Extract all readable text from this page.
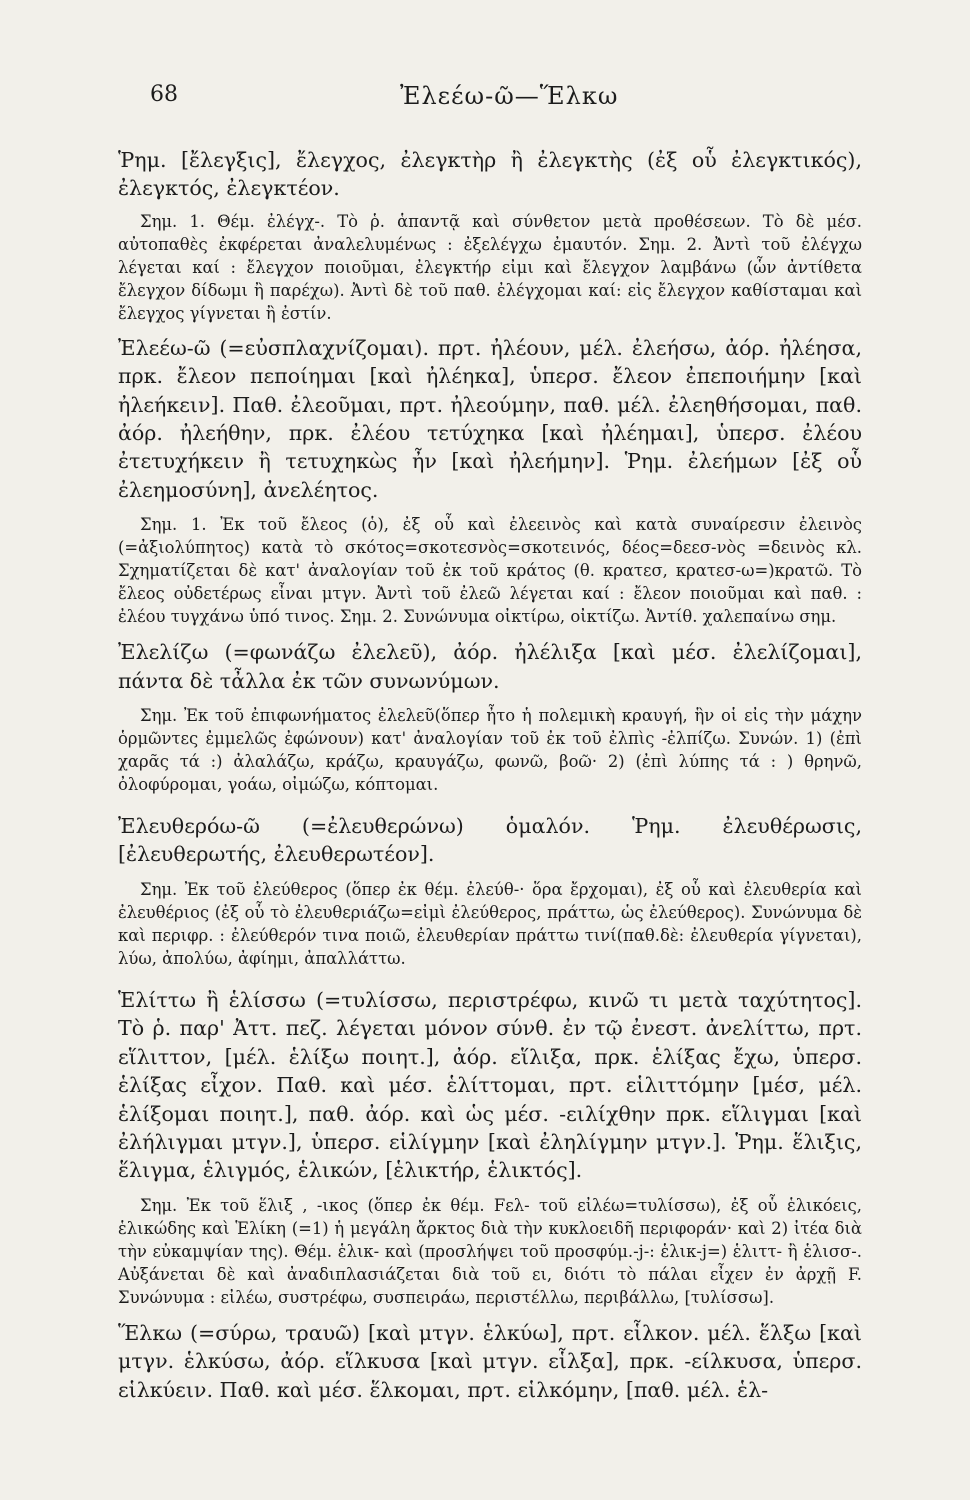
68	Ἐλεέω-ῶ—Ἕλκω

Ῥημ. [ἔλεγξις], ἔλεγχος, ἐλεγκτὴρ ἢ ἐλεγκτὴς (ἐξ οὗ ἐλεγκτικός), ἐλεγκτός, ἐλεγκτέον.

Σημ. 1. Θέμ. ἐλέγχ-. Τὸ ῥ. ἁπαντᾷ καὶ σύνθετον μετὰ προθέσεων. Τὸ δὲ μέσ. αὐτοπαθὲς ἐκφέρεται ἀναλελυμένως : ἐξελέγχω ἐμαυτόν. Σημ. 2. Ἀντὶ τοῦ ἐλέγχω λέγεται καί : ἔλεγχον ποιοῦμαι, ἐλεγκτήρ εἰμι καὶ ἔλεγχον λαμβάνω (ὧν ἀντίθετα ἔλεγχον δίδωμι ἢ παρέχω). Ἀντὶ δὲ τοῦ παθ. ἐλέγχομαι καί: εἰς ἔλεγχον καθίσταμαι καὶ ἔλεγχος γίγνεται ἢ ἐστίν.

Ἐλεέω-ῶ (=εὐσπλαχνίζομαι). πρτ. ἠλέουν, μέλ. ἐλεήσω, ἀόρ. ἠλέησα, πρκ. ἔλεον πεποίημαι [καὶ ἠλέηκα], ὑπερσ. ἔλεον ἐπεποιήμην [καὶ ἠλεήκειν]. Παθ. ἐλεοῦμαι, πρτ. ἠλεούμην, παθ. μέλ. ἐλεηθήσομαι, παθ. ἀόρ. ἠλεήθην, πρκ. ἐλέου τετύχηκα [καὶ ἠλέημαι], ὑπερσ. ἐλέου ἐτετυχήκειν ἢ τετυχηκὼς ἦν [καὶ ἠλεήμην]. Ῥημ. ἐλεήμων [ἐξ οὗ ἐλεημοσύνη], ἀνελέητος.

Σημ. 1. Ἐκ τοῦ ἔλεος (ὁ), ἐξ οὗ καὶ ἐλεεινὸς καὶ κατὰ συναίρεσιν ἐλεινὸς (=ἀξιολύπητος) κατὰ τὸ σκότος=σκοτεσνὸς=σκοτεινός, δέος=δεεσ-νὸς =δεινὸς κλ. Σχηματίζεται δὲ κατ' ἀναλογίαν τοῦ ἐκ τοῦ κράτος (θ. κρατεσ, κρατεσ-ω=)κρατῶ. Τὸ ἔλεος οὐδετέρως εἶναι μτγν. Ἀντὶ τοῦ ἐλεῶ λέγεται καί : ἔλεον ποιοῦμαι καὶ παθ. : ἐλέου τυγχάνω ὑπό τινος. Σημ. 2. Συνώνυμα οἰκτίρω, οἰκτίζω. Ἀντίθ. χαλεπαίνω σημ.

Ἐλελίζω (=φωνάζω ἐλελεῦ), ἀόρ. ἠλέλιξα [καὶ μέσ. ἐλελίζομαι], πάντα δὲ τἆλλα ἐκ τῶν συνωνύμων.

Σημ. Ἐκ τοῦ ἐπιφωνήματος ἐλελεῦ(ὅπερ ἦτο ἡ πολεμικὴ κραυγή, ἣν οἱ εἰς τὴν μάχην ὁρμῶντες ἐμμελῶς ἐφώνουν) κατ' ἀναλογίαν τοῦ ἐκ τοῦ ἐλπὶς -ἐλπίζω. Συνών. 1) (ἐπὶ χαρᾶς τά :) ἀλαλάζω, κράζω, κραυγάζω, φωνῶ, βοῶ· 2) (ἐπὶ λύπης τά : ) θρηνῶ, ὀλοφύρομαι, γοάω, οἰμώζω, κόπτομαι.

Ἐλευθερόω-ῶ (=ἐλευθερώνω) ὁμαλόν. Ῥημ. ἐλευθέρωσις, [ἐλευθερωτής, ἐλευθερωτέον].

Σημ. Ἐκ τοῦ ἐλεύθερος (ὅπερ ἐκ θέμ. ἐλεύθ-· ὅρα ἔρχομαι), ἐξ οὗ καὶ ἐλευθερία καὶ ἐλευθέριος (ἐξ οὗ τὸ ἐλευθεριάζω=εἰμὶ ἐλεύθερος, πράττω, ὡς ἐλεύθερος). Συνώνυμα δὲ καὶ περιφρ. : ἐλεύθερόν τινα ποιῶ, ἐλευθερίαν πράττω τινί(παθ.δὲ: ἐλευθερία γίγνεται), λύω, ἀπολύω, ἀφίημι, ἀπαλλάττω.

Ἑλίττω ἢ ἑλίσσω (=τυλίσσω, περιστρέφω, κινῶ τι μετὰ ταχύτητος]. Τὸ ῥ. παρ' Ἀττ. πεζ. λέγεται μόνον σύνθ. ἐν τῷ ἐνεστ. ἀνελίττω, πρτ. εἵλιττον, [μέλ. ἑλίξω ποιητ.], ἀόρ. εἵλιξα, πρκ. ἑλίξας ἔχω, ὑπερσ. ἑλίξας εἶχον. Παθ. καὶ μέσ. ἑλίττομαι, πρτ. εἱλιττόμην [μέσ, μέλ. ἑλίξομαι ποιητ.], παθ. ἀόρ. καὶ ὡς μέσ. -ειλίχθην πρκ. εἵλιγμαι [καὶ ἐλήλιγμαι μτγν.], ὑπερσ. εἱλίγμην [καὶ ἐληλίγμην μτγν.]. Ῥημ. ἕλιξις, ἕλιγμα, ἑλιγμός, ἑλικών, [ἑλικτήρ, ἑλικτός].

Σημ. Ἐκ τοῦ ἕλιξ , -ικος (ὅπερ ἐκ θέμ. Fελ- τοῦ εἰλέω=τυλίσσω), ἐξ οὗ ἑλικόεις, ἑλικώδης καὶ Ἑλίκη (=1) ἡ μεγάλη ἄρκτος διὰ τὴν κυκλοειδῆ περιφοράν· καὶ 2) ἰτέα διὰ τὴν εὐκαμψίαν της). Θέμ. ἑλικ- καὶ (προσλήψει τοῦ προσφύμ.-j-: ἑλικ-j=) ἑλιττ- ἢ ἑλισσ-. Αὐξάνεται δὲ καὶ ἀναδιπλασιάζεται διὰ τοῦ ει, διότι τὸ πάλαι εἶχεν ἐν ἀρχῇ F. Συνώνυμα : εἰλέω, συστρέφω, συσπειράω, περιστέλλω, περιβάλλω, [τυλίσσω].

Ἕλκω (=σύρω, τραυῶ) [καὶ μτγν. ἑλκύω], πρτ. εἷλκον. μέλ. ἕλξω [καὶ μτγν. ἑλκύσω, ἀόρ. εἵλκυσα [καὶ μτγν. εἷλξα], πρκ. -είλκυσα, ὑπερσ. εἱλκύειν. Παθ. καὶ μέσ. ἕλκομαι, πρτ. εἱλκόμην, [παθ. μέλ. ἑλ-
